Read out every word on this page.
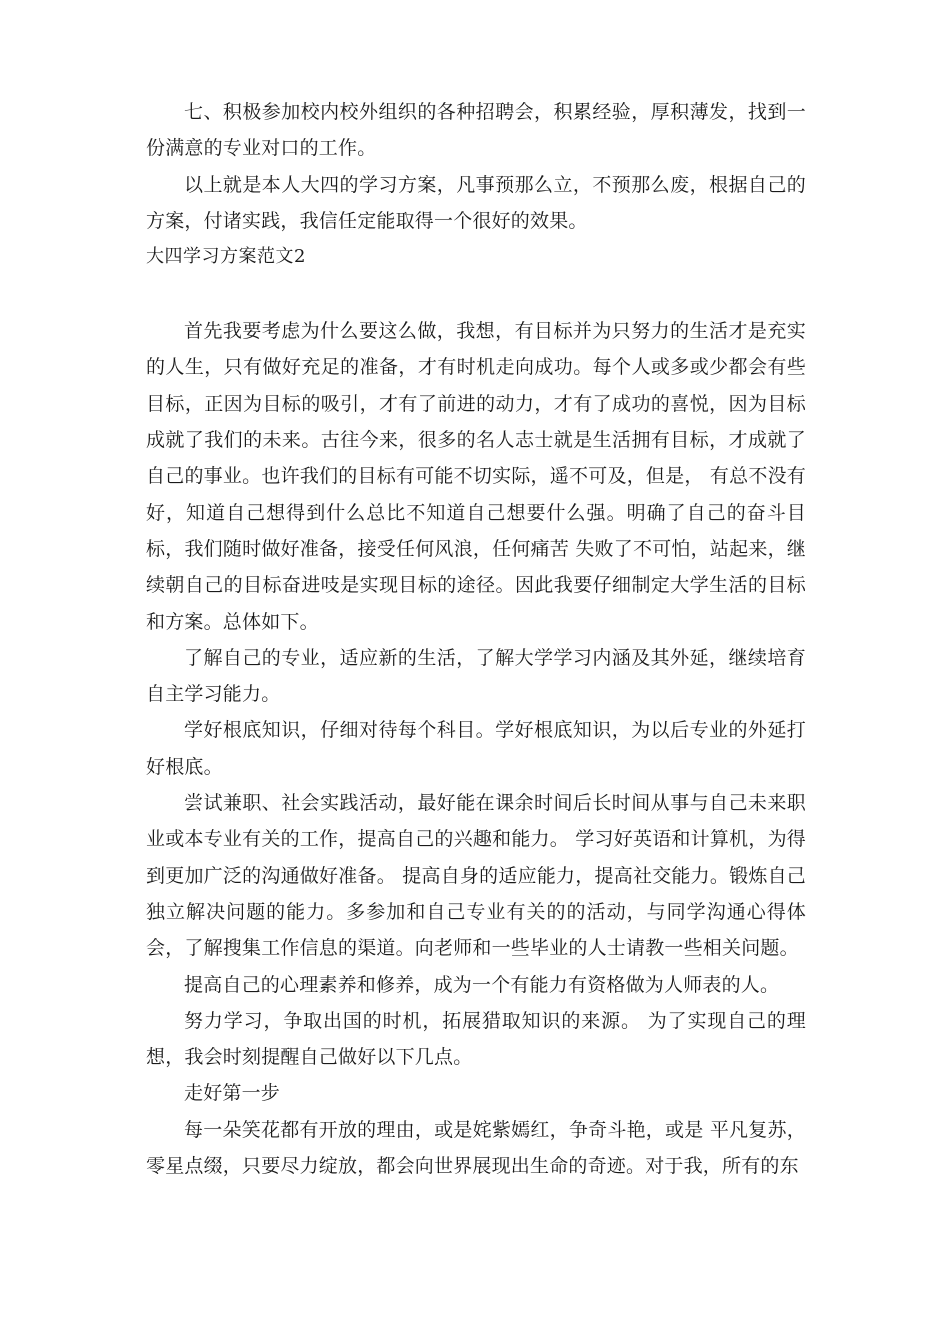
七、积极参加校内校外组织的各种招聘会，积累经验，厚积薄发，找到一份满意的专业对口的工作。

以上就是本人大四的学习方案，凡事预那么立，不预那么废，根据自己的方案，付诸实践，我信任定能取得一个很好的效果。

大四学习方案范文2

首先我要考虑为什么要这么做，我想，有目标并为只努力的生活才是充实的人生，只有做好充足的准备，才有时机走向成功。每个人或多或少都会有些目标，正因为目标的吸引，才有了前进的动力，才有了成功的喜悦，因为目标成就了我们的未来。古往今来，很多的名人志士就是生活拥有目标，才成就了自己的事业。也许我们的目标有可能不切实际，遥不可及，但是， 有总不没有好，知道自己想得到什么总比不知道自己想要什么强。明确了自己的奋斗目标，我们随时做好准备，接受任何风浪，任何痛苦 失败了不可怕，站起来，继续朝自己的目标奋进吱是实现目标的途径。因此我要仔细制定大学生活的目标和方案。总体如下。

了解自己的专业，适应新的生活，了解大学学习内涵及其外延，继续培育自主学习能力。

学好根底知识，仔细对待每个科目。学好根底知识，为以后专业的外延打好根底。

尝试兼职、社会实践活动，最好能在课余时间后长时间从事与自己未来职业或本专业有关的工作，提高自己的兴趣和能力。 学习好英语和计算机，为得到更加广泛的沟通做好准备。 提高自身的适应能力，提高社交能力。锻炼自己独立解决问题的能力。多参加和自己专业有关的的活动，与同学沟通心得体会，了解搜集工作信息的渠道。向老师和一些毕业的人士请教一些相关问题。

提高自己的心理素养和修养，成为一个有能力有资格做为人师表的人。

努力学习，争取出国的时机，拓展猎取知识的来源。 为了实现自己的理想，我会时刻提醒自己做好以下几点。

走好第一步

每一朵笑花都有开放的理由，或是姹紫嫣红，争奇斗艳，或是 平凡复苏，零星点缀，只要尽力绽放，都会向世界展现出生命的奇迹。对于我，所有的东
